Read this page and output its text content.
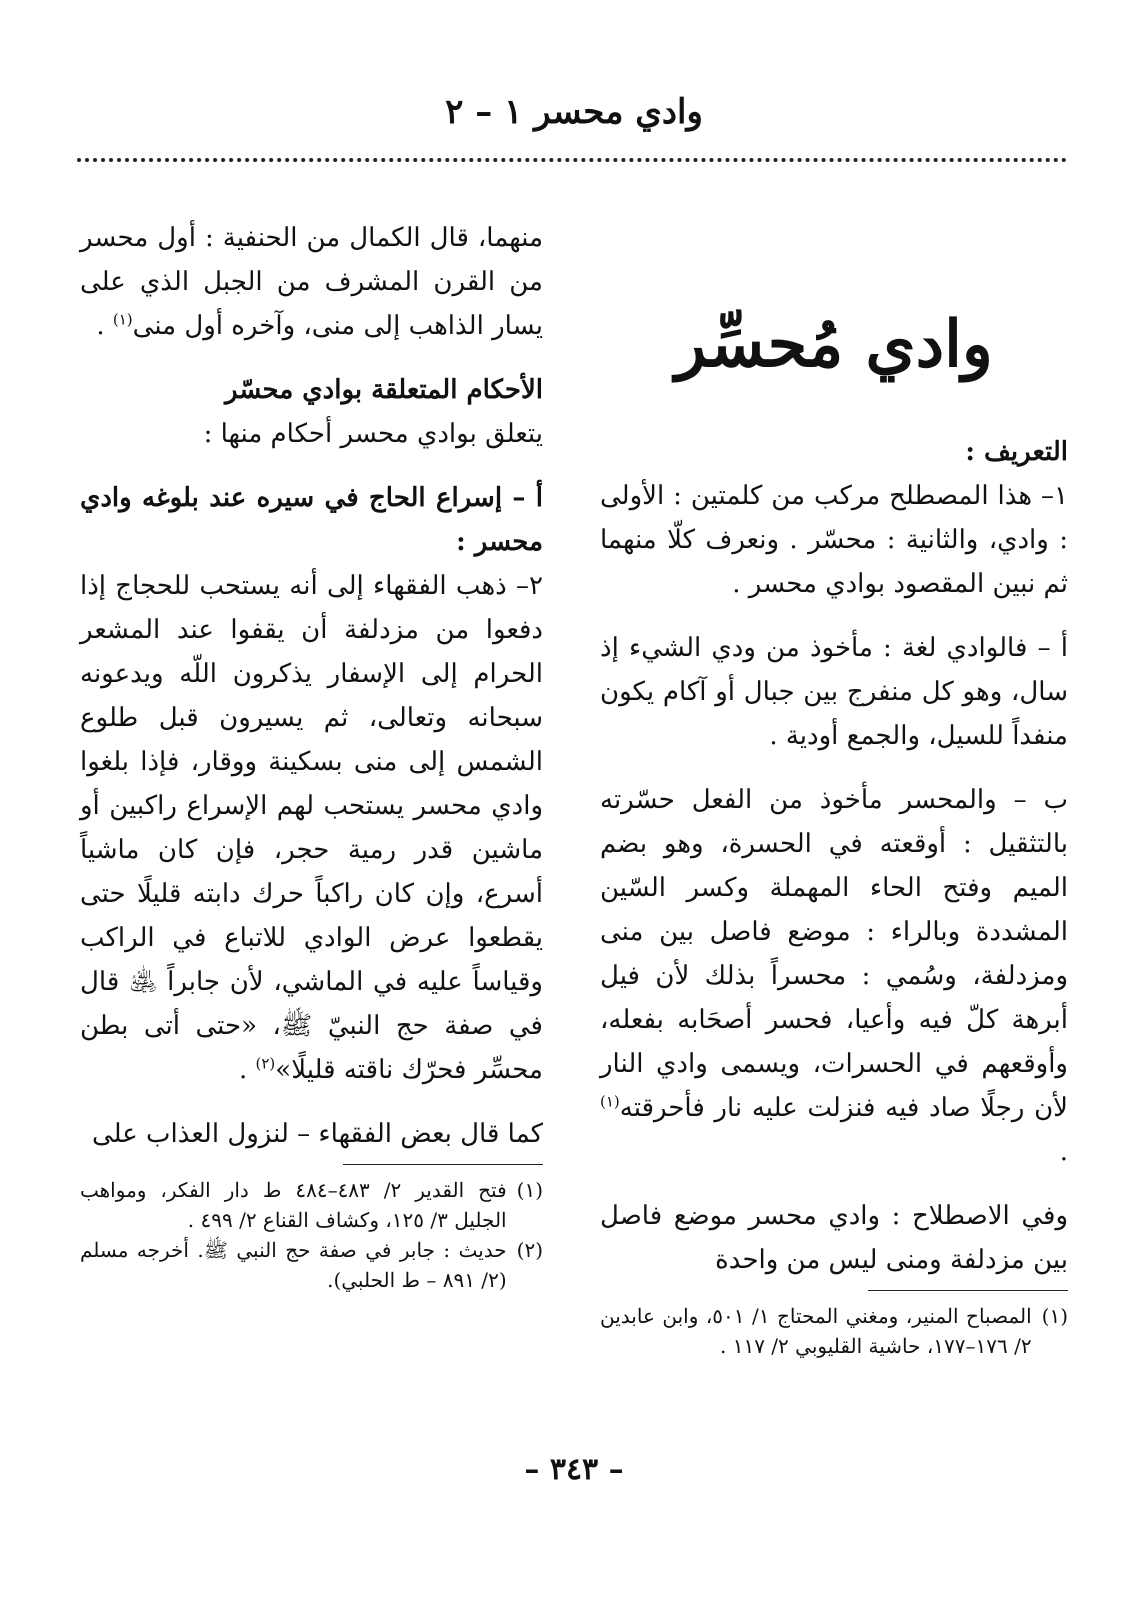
وادي محسر ١ – ٢
وادي مُحسِّر

التعريف :

١– هذا المصطلح مركب من كلمتين : الأولى : وادي، والثانية : محسّر . ونعرف كلّا منهما ثم نبين المقصود بوادي محسر .

أ – فالوادي لغة : مأخوذ من ودي الشيء إذ سال، وهو كل منفرج بين جبال أو آكام يكون منفداً للسيل، والجمع أودية .

ب – والمحسر مأخوذ من الفعل حسّرته بالتثقيل : أوقعته في الحسرة، وهو بضم الميم وفتح الحاء المهملة وكسر السّين المشددة وبالراء : موضع فاصل بين منى ومزدلفة، وسُمي : محسراً بذلك لأن فيل أبرهة كلّ فيه وأعيا، فحسر أصحَابه بفعله، وأوقعهم في الحسرات، ويسمى وادي النار لأن رجلًا صاد فيه فنزلت عليه نار فأحرقته$^{(١)}$ .

وفي الاصطلاح : وادي محسر موضع فاصل بين مزدلفة ومنى ليس من واحدة

(١)
المصباح المنير، ومغني المحتاج ١/ ٥٠١، وابن عابدين ٢/ ١٧٦–١٧٧، حاشية القليوبي ٢/ ١١٧ .

منهما، قال الكمال من الحنفية : أول محسر من القرن المشرف من الجبل الذي على يسار الذاهب إلى منى، وآخره أول منى$^{(١)}$ .

الأحكام المتعلقة بوادي محسّر

يتعلق بوادي محسر أحكام منها :

أ – إسراع الحاج في سيره عند بلوغه وادي محسر :

٢– ذهب الفقهاء إلى أنه يستحب للحجاج إذا دفعوا من مزدلفة أن يقفوا عند المشعر الحرام إلى الإسفار يذكرون اللّه ويدعونه سبحانه وتعالى، ثم يسيرون قبل طلوع الشمس إلى منى بسكينة ووقار، فإذا بلغوا وادي محسر يستحب لهم الإسراع راكبين أو ماشين قدر رمية حجر، فإن كان ماشياً أسرع، وإن كان راكباً حرك دابته قليلًا حتى يقطعوا عرض الوادي للاتباع في الراكب وقياساً عليه في الماشي، لأن جابراً ﵁ قال في صفة حج النبيّ ﷺ، «حتى أتى بطن محسِّر فحرّك ناقته قليلًا»$^{(٢)}$ .

كما قال بعض الفقهاء – لنزول العذاب على

(١)
فتح القدير ٢/ ٤٨٣–٤٨٤ ط دار الفكر، ومواهب الجليل ٣/ ١٢٥، وكشاف القناع ٢/ ٤٩٩ .
(٢)
حديث : جابر في صفة حج النبي ﷺ. أخرجه مسلم (٢/ ٨٩١ – ط الحلبي).
– ٣٤٣ –
